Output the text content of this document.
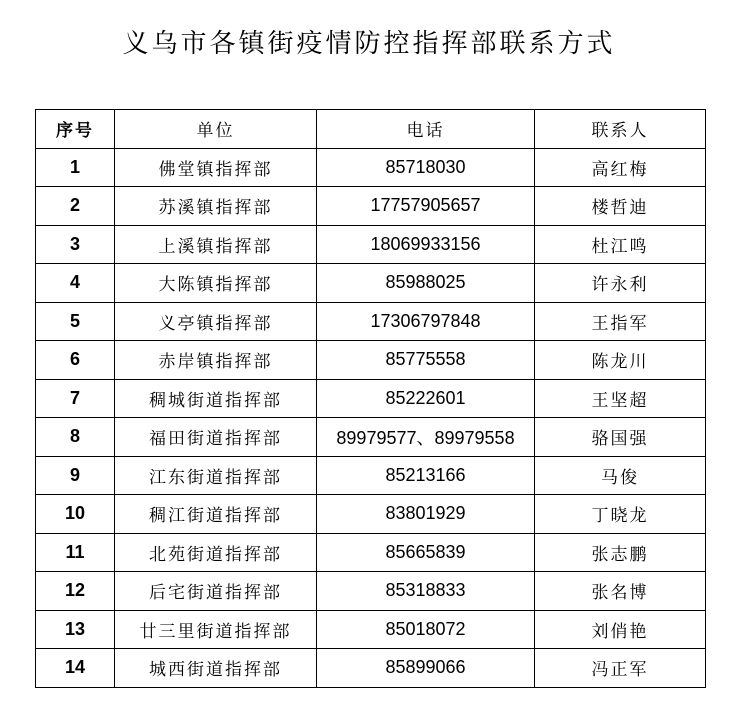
义乌市各镇街疫情防控指挥部联系方式
序号	单位	电话	联系人
1	佛堂镇指挥部	85718030	高红梅
2	苏溪镇指挥部	17757905657	楼哲迪
3	上溪镇指挥部	18069933156	杜江鸣
4	大陈镇指挥部	85988025	许永利
5	义亭镇指挥部	17306797848	王指军
6	赤岸镇指挥部	85775558	陈龙川
7	稠城街道指挥部	85222601	王坚超
8	福田街道指挥部	89979577、89979558	骆国强
9	江东街道指挥部	85213166	马俊
10	稠江街道指挥部	83801929	丁晓龙
11	北苑街道指挥部	85665839	张志鹏
12	后宅街道指挥部	85318833	张名博
13	廿三里街道指挥部	85018072	刘俏艳
14	城西街道指挥部	85899066	冯正军
